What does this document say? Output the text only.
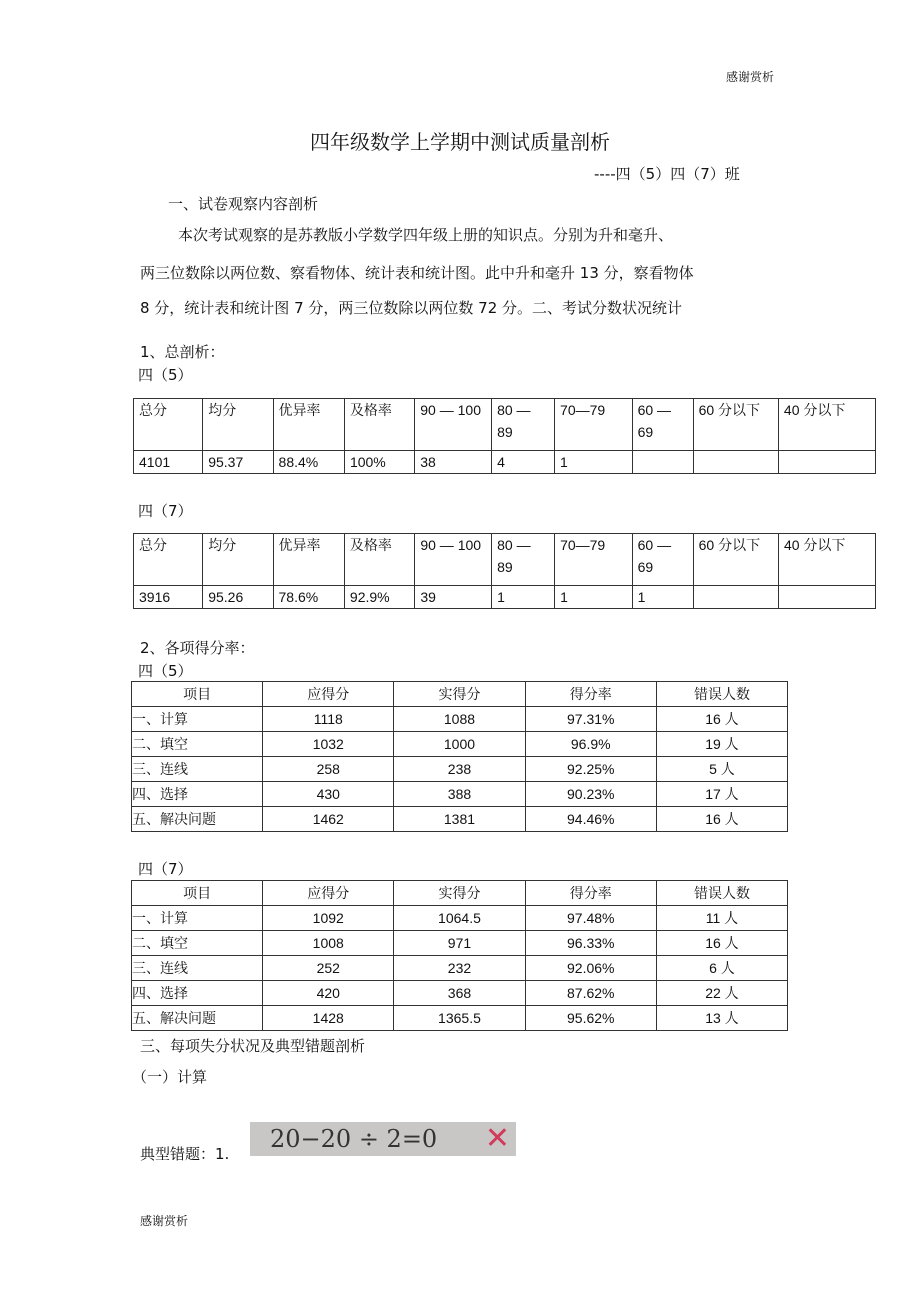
感谢赏析
四年级数学上学期中测试质量剖析
----四（5）四（7）班
一、试卷观察内容剖析
本次考试观察的是苏教版小学数学四年级上册的知识点。分别为升和毫升、
两三位数除以两位数、察看物体、统计表和统计图。此中升和毫升 13 分，察看物体
8 分，统计表和统计图 7 分，两三位数除以两位数 72 分。二、考试分数状况统计
1、总剖析：
四（5）
总分	均分	优异率	及格率	90 — 100	80 — 89	70—79	60 — 69	60 分以下	40 分以下
4101	95.37	88.4%	100%	38	4	1			
四（7）
总分	均分	优异率	及格率	90 — 100	80 — 89	70—79	60 — 69	60 分以下	40 分以下
3916	95.26	78.6%	92.9%	39	1	1	1		
2、各项得分率：
四（5）
项目	应得分	实得分	得分率	错误人数
一、计算	1118	1088	97.31%	16 人
二、填空	1032	1000	96.9%	19 人
三、连线	258	238	92.25%	5 人
四、选择	430	388	90.23%	17 人
五、解决问题	1462	1381	94.46%	16 人
四（7）
项目	应得分	实得分	得分率	错误人数
一、计算	1092	1064.5	97.48%	11 人
二、填空	1008	971	96.33%	16 人
三、连线	252	232	92.06%	6 人
四、选择	420	368	87.62%	22 人
五、解决问题	1428	1365.5	95.62%	13 人
三、每项失分状况及典型错题剖析
（一）计算
典型错题：1.
20−20 ÷ 2=0 ✕
感谢赏析
